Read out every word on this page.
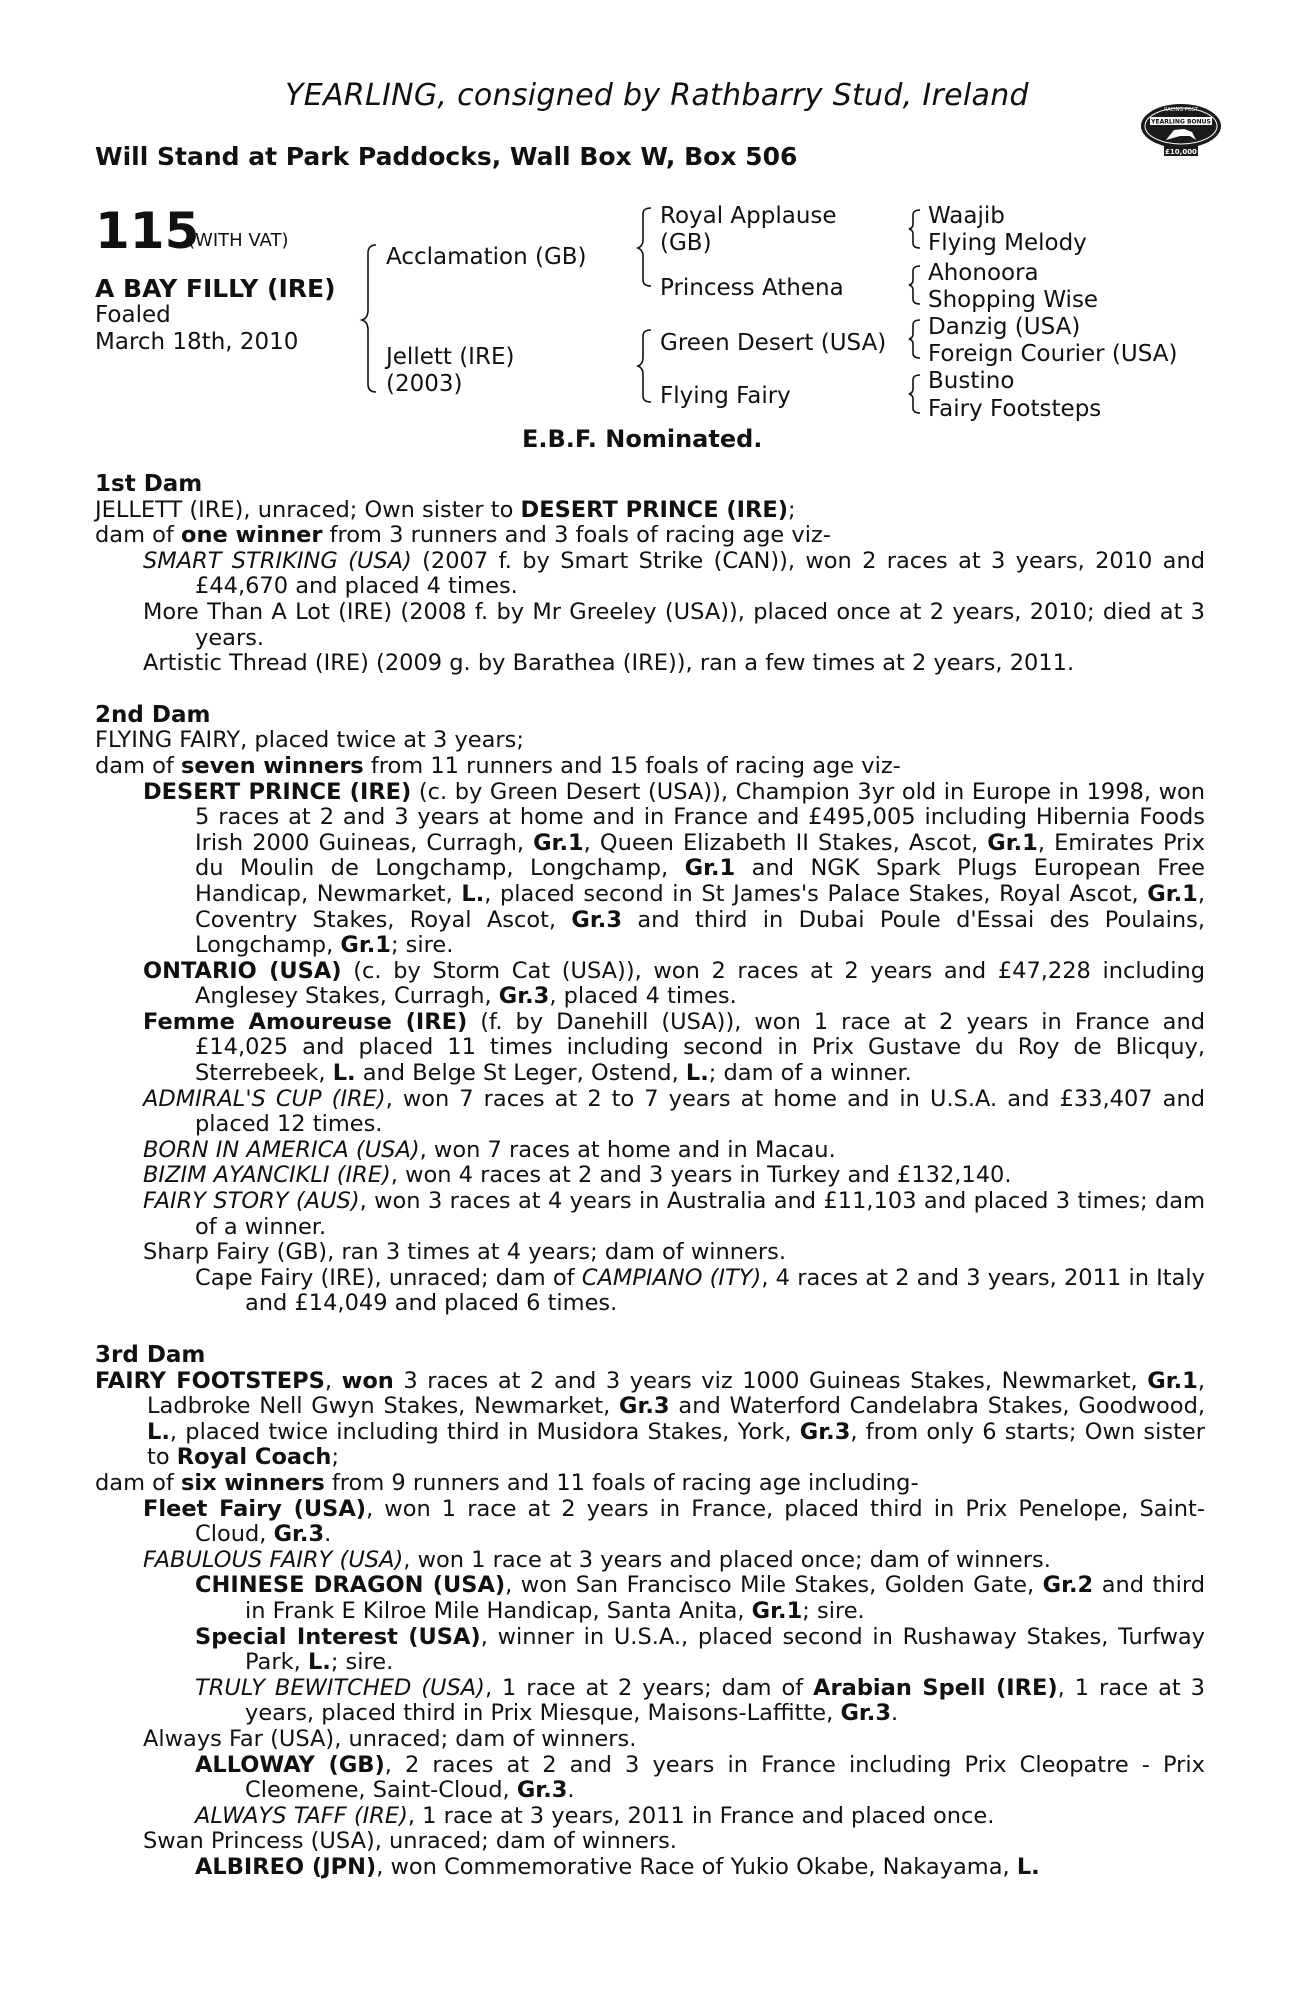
YEARLING, consigned by Rathbarry Stud, Ireland
Will Stand at Park Paddocks, Wall Box W, Box 506
YEARLING BONUS
RACING POST
£10,000
115
(WITH VAT)
A BAY FILLY (IRE)
Foaled
March 18th, 2010
Acclamation (GB)
Jellett (IRE)
(2003)
Royal Applause
(GB)
Princess Athena
Green Desert (USA)
Flying Fairy
Waajib
Flying Melody
Ahonoora
Shopping Wise
Danzig (USA)
Foreign Courier (USA)
Bustino
Fairy Footsteps
E.B.F. Nominated.

1st Dam

JELLETT (IRE), unraced; Own sister to DESERT PRINCE (IRE);

dam of one winner from 3 runners and 3 foals of racing age viz-

SMART STRIKING (USA) (2007 f. by Smart Strike (CAN)), won 2 races at 3 years, 2010 and £44,670 and placed 4 times.

More Than A Lot (IRE) (2008 f. by Mr Greeley (USA)), placed once at 2 years, 2010; died at 3 years.

Artistic Thread (IRE) (2009 g. by Barathea (IRE)), ran a few times at 2 years, 2011.

2nd Dam

FLYING FAIRY, placed twice at 3 years;

dam of seven winners from 11 runners and 15 foals of racing age viz-

DESERT PRINCE (IRE) (c. by Green Desert (USA)), Champion 3yr old in Europe in 1998, won 5 races at 2 and 3 years at home and in France and £495,005 including Hibernia Foods Irish 2000 Guineas, Curragh, Gr.1, Queen Elizabeth II Stakes, Ascot, Gr.1, Emirates Prix du Moulin de Longchamp, Longchamp, Gr.1 and NGK Spark Plugs European Free Handicap, Newmarket, L., placed second in St James's Palace Stakes, Royal Ascot, Gr.1, Coventry Stakes, Royal Ascot, Gr.3 and third in Dubai Poule d'Essai des Poulains, Longchamp, Gr.1; sire.

ONTARIO (USA) (c. by Storm Cat (USA)), won 2 races at 2 years and £47,228 including Anglesey Stakes, Curragh, Gr.3, placed 4 times.

Femme Amoureuse (IRE) (f. by Danehill (USA)), won 1 race at 2 years in France and £14,025 and placed 11 times including second in Prix Gustave du Roy de Blicquy, Sterrebeek, L. and Belge St Leger, Ostend, L.; dam of a winner.

ADMIRAL'S CUP (IRE), won 7 races at 2 to 7 years at home and in U.S.A. and £33,407 and placed 12 times.

BORN IN AMERICA (USA), won 7 races at home and in Macau.

BIZIM AYANCIKLI (IRE), won 4 races at 2 and 3 years in Turkey and £132,140.

FAIRY STORY (AUS), won 3 races at 4 years in Australia and £11,103 and placed 3 times; dam of a winner.

Sharp Fairy (GB), ran 3 times at 4 years; dam of winners.

Cape Fairy (IRE), unraced; dam of CAMPIANO (ITY), 4 races at 2 and 3 years, 2011 in Italy and £14,049 and placed 6 times.

3rd Dam

FAIRY FOOTSTEPS, won 3 races at 2 and 3 years viz 1000 Guineas Stakes, Newmarket, Gr.1, Ladbroke Nell Gwyn Stakes, Newmarket, Gr.3 and Waterford Candelabra Stakes, Goodwood, L., placed twice including third in Musidora Stakes, York, Gr.3, from only 6 starts; Own sister to Royal Coach;

dam of six winners from 9 runners and 11 foals of racing age including-

Fleet Fairy (USA), won 1 race at 2 years in France, placed third in Prix Penelope, Saint-Cloud, Gr.3.

FABULOUS FAIRY (USA), won 1 race at 3 years and placed once; dam of winners.

CHINESE DRAGON (USA), won San Francisco Mile Stakes, Golden Gate, Gr.2 and third in Frank E Kilroe Mile Handicap, Santa Anita, Gr.1; sire.

Special Interest (USA), winner in U.S.A., placed second in Rushaway Stakes, Turfway Park, L.; sire.

TRULY BEWITCHED (USA), 1 race at 2 years; dam of Arabian Spell (IRE), 1 race at 3 years, placed third in Prix Miesque, Maisons-Laffitte, Gr.3.

Always Far (USA), unraced; dam of winners.

ALLOWAY (GB), 2 races at 2 and 3 years in France including Prix Cleopatre - Prix Cleomene, Saint-Cloud, Gr.3.

ALWAYS TAFF (IRE), 1 race at 3 years, 2011 in France and placed once.

Swan Princess (USA), unraced; dam of winners.

ALBIREO (JPN), won Commemorative Race of Yukio Okabe, Nakayama, L.
